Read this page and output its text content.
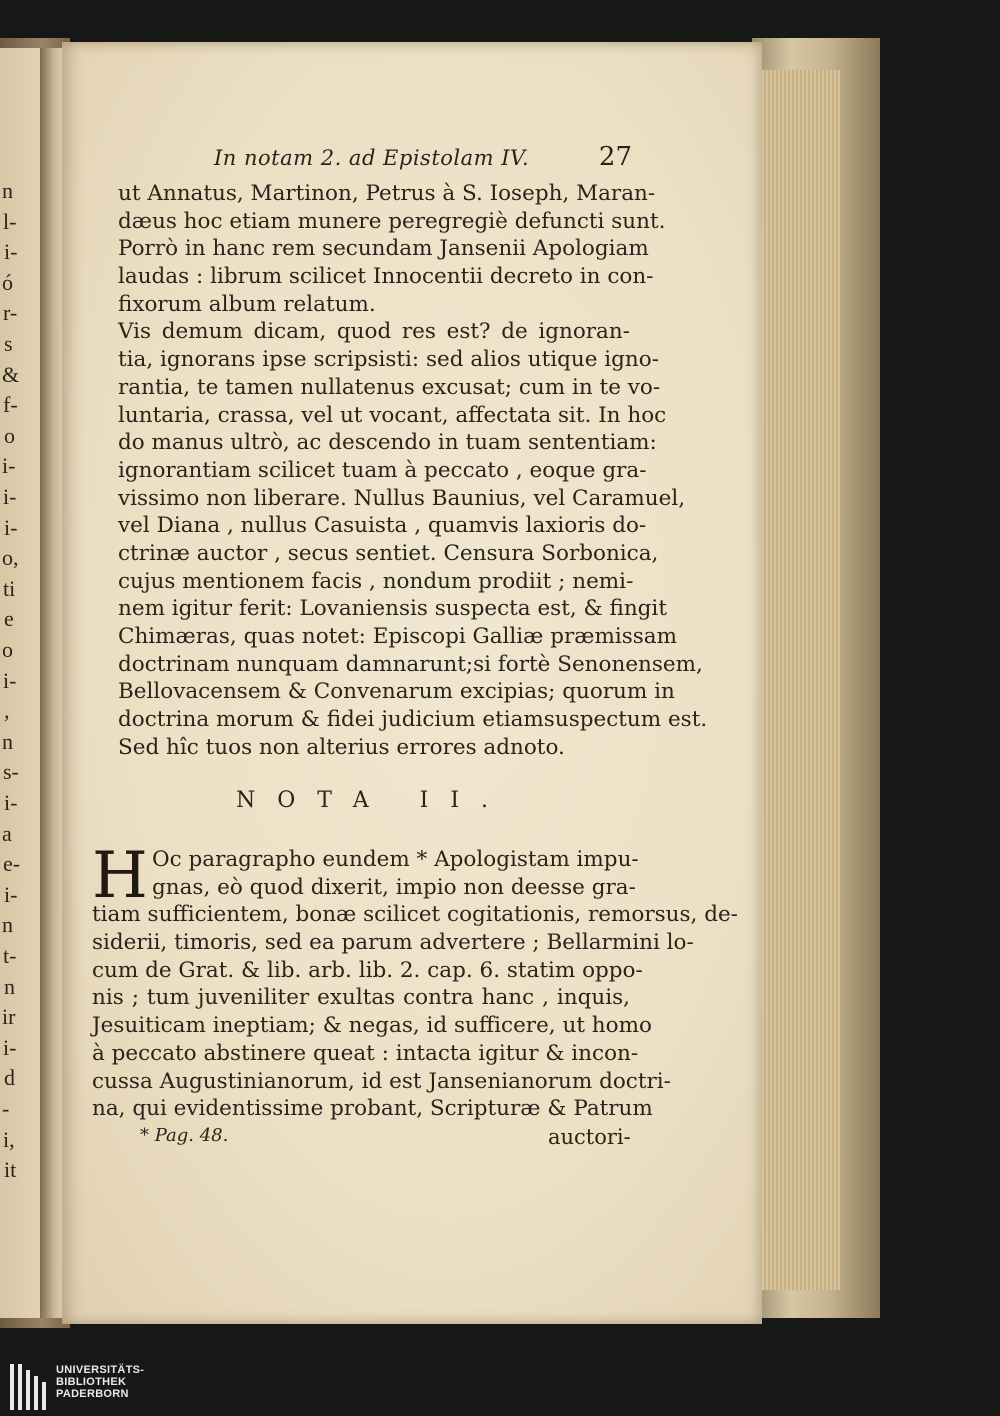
n
l-
i-
ó
r-
s
&
f-
o
i-
i-
i-
o,
ti
e
o
i-
,
n
s-
i-
a
e-
i-
n
t-
n
ir
i-
d
-
i,
it
In notam 2. ad Epistolam IV.	27
ut Annatus, Martinon, Petrus à S. Ioseph, Maran-
dæus hoc etiam munere peregregiè defuncti sunt.
Porrò in hanc rem secundam Jansenii Apologiam
laudas : librum scilicet Innocentii decreto in con-
fixorum album relatum.
Vis demum dicam, quod res est? de ignoran-
tia, ignorans ipse scripsisti: sed alios utique igno-
rantia, te tamen nullatenus excusat; cum in te vo-
luntaria, crassa, vel ut vocant, affectata sit. In hoc
do manus ultrò, ac descendo in tuam sententiam:
ignorantiam scilicet tuam à peccato , eoque gra-
vissimo non liberare. Nullus Baunius, vel Caramuel,
vel Diana , nullus Casuista , quamvis laxioris do-
ctrinæ auctor , secus sentiet. Censura Sorbonica,
cujus mentionem facis , nondum prodiit ; nemi-
nem igitur ferit: Lovaniensis suspecta est, & fingit
Chimæras, quas notet: Episcopi Galliæ præmissam
doctrinam nunquam damnarunt;si fortè Senonensem,
Bellovacensem & Convenarum excipias; quorum in
doctrina morum & fidei judicium etiamsuspectum est.
Sed hîc tuos non alterius errores adnoto.
NOTA II.
H Oc paragrapho eundem * Apologistam impu-
gnas, eò quod dixerit, impio non deesse gra-
tiam sufficientem, bonæ scilicet cogitationis, remorsus, de-
siderii, timoris, sed ea parum advertere ; Bellarmini lo-
cum de Grat. & lib. arb. lib. 2. cap. 6. statim oppo-
nis ; tum juveniliter exultas contra hanc , inquis,
Jesuiticam ineptiam; & negas, id sufficere, ut homo
à peccato abstinere queat : intacta igitur & incon-
cussa Augustinianorum, id est Jansenianorum doctri-
na, qui evidentissime probant, Scripturæ & Patrum
* Pag. 48.	auctori-
UNIVERSITÄTS-
BIBLIOTHEK
PADERBORN
